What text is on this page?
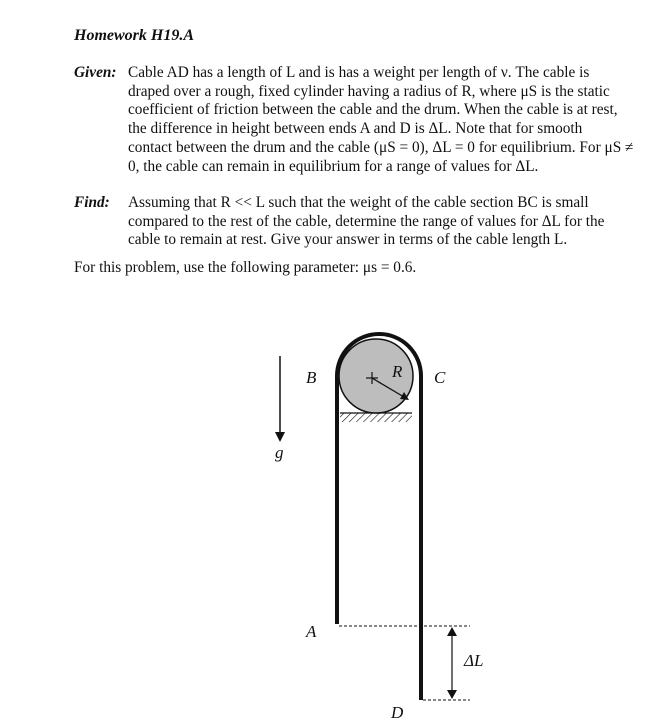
Homework H19.A
Given: Cable AD has a length of L and is has a weight per length of ν. The cable is
draped over a rough, fixed cylinder having a radius of R, where μS is the static
coefficient of friction between the cable and the drum. When the cable is at rest,
the difference in height between ends A and D is ΔL. Note that for smooth
contact between the drum and the cable (μS = 0), ΔL = 0 for equilibrium. For μS ≠
0, the cable can remain in equilibrium for a range of values for ΔL.
Find: Assuming that R << L such that the weight of the cable section BC is small
compared to the rest of the cable, determine the range of values for ΔL for the
cable to remain at rest. Give your answer in terms of the cable length L.
For this problem, use the following parameter: μs = 0.6.
B	C
R
A
D
g
ΔL
